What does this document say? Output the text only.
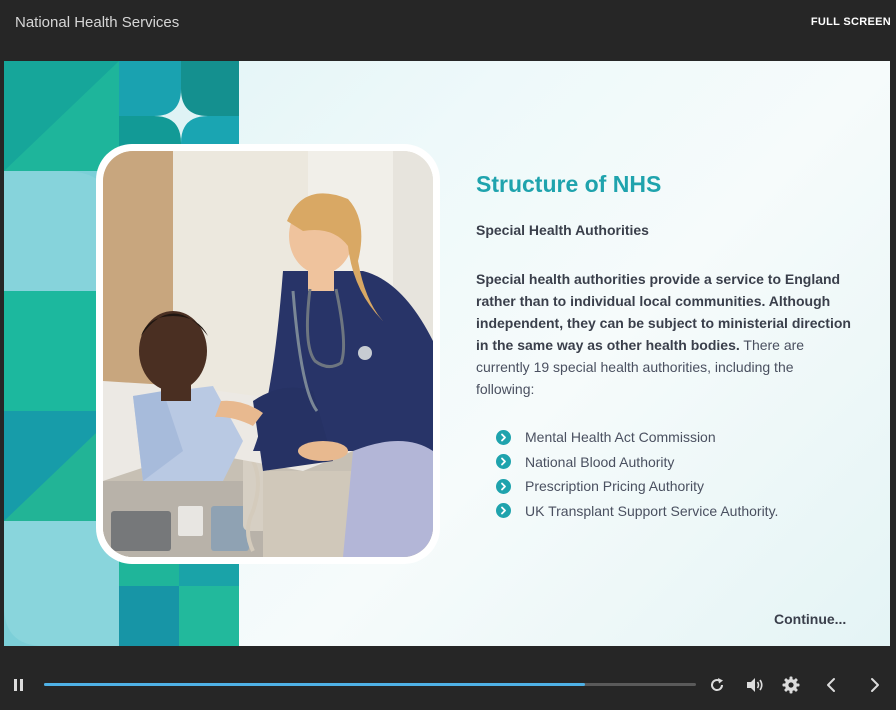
National Health Services	FULL SCREEN
Structure of NHS
Special Health Authorities
Special health authorities provide a service to England rather than to individual local communities. Although independent, they can be subject to ministerial direction in the same way as other health bodies. There are currently 19 special health authorities, including the following:
Mental Health Act Commission
National Blood Authority
Prescription Pricing Authority
UK Transplant Support Service Authority.
Continue...
